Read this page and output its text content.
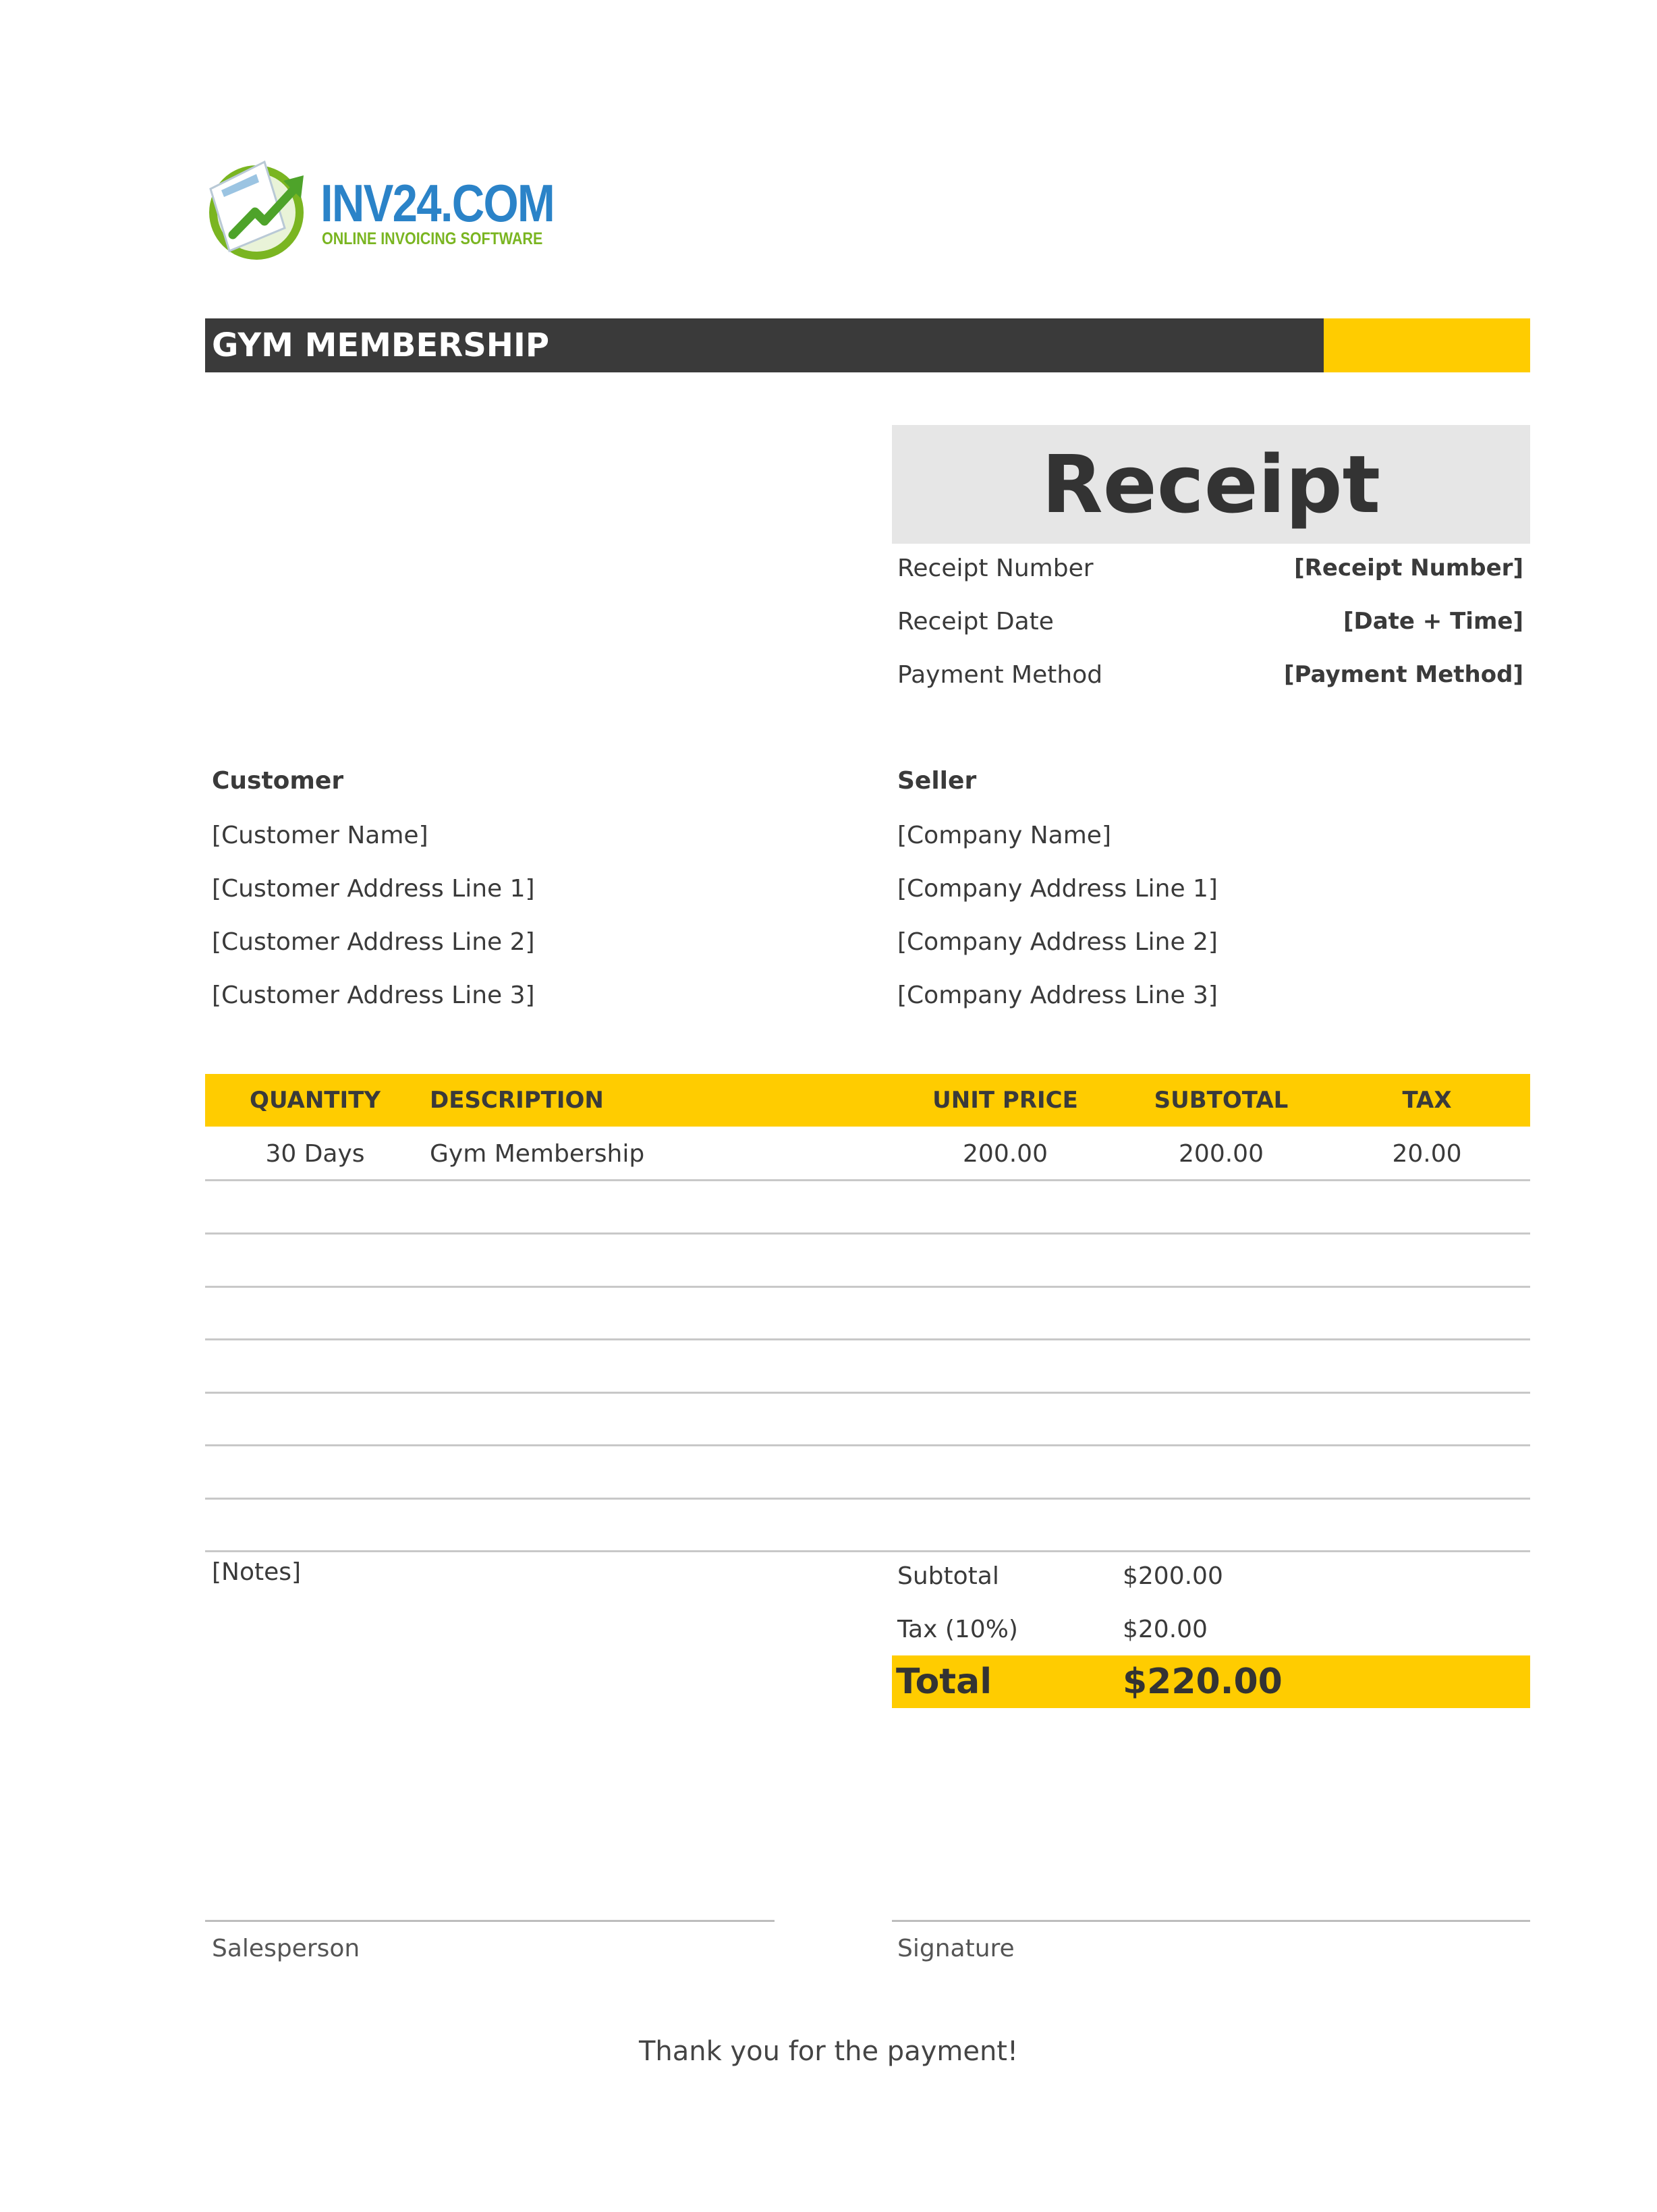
INV24.COM
ONLINE INVOICING SOFTWARE
GYM MEMBERSHIP
Receipt
Receipt Number	[Receipt Number]
Receipt Date	[Date + Time]
Payment Method	[Payment Method]
Customer
[Customer Name]
[Customer Address Line 1]
[Customer Address Line 2]
[Customer Address Line 3]
Seller
[Company Name]
[Company Address Line 1]
[Company Address Line 2]
[Company Address Line 3]
QUANTITY	DESCRIPTION	UNIT PRICE	SUBTOTAL	TAX
30 Days	Gym Membership	200.00	200.00	20.00
[Notes]	Subtotal	$200.00
Tax (10%)	$20.00
Total	$220.00
Salesperson	Signature
Thank you for the payment!
